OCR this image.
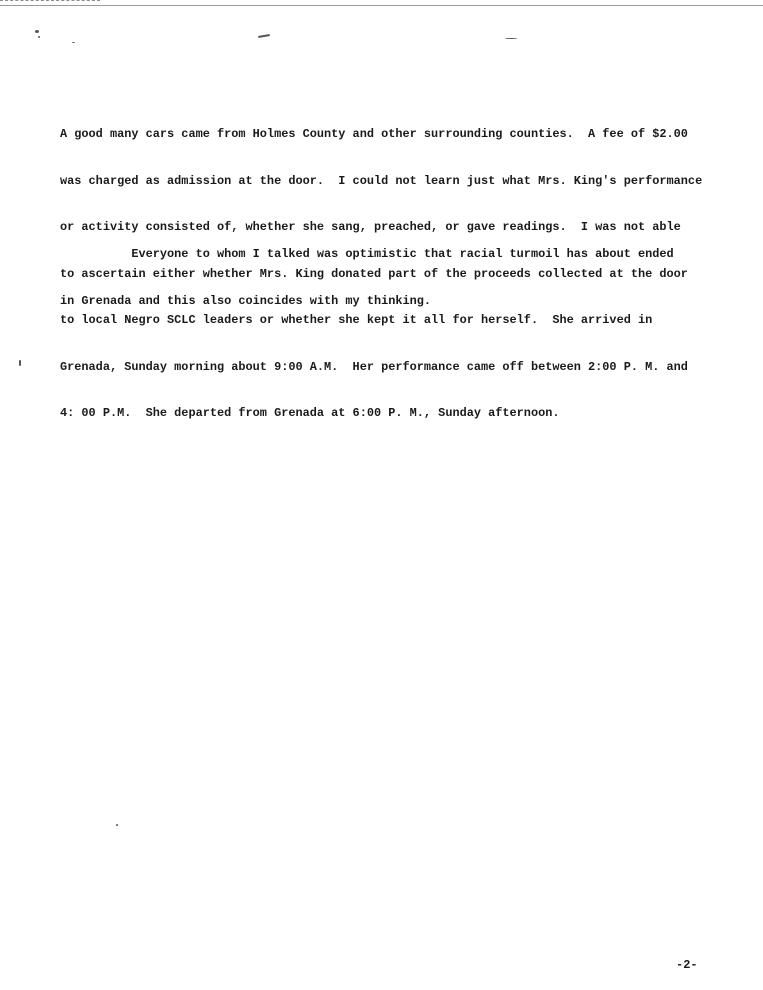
A good many cars came from Holmes County and other surrounding counties.  A fee of $2.00

was charged as admission at the door.  I could not learn just what Mrs. King's performance

or activity consisted of, whether she sang, preached, or gave readings.  I was not able

to ascertain either whether Mrs. King donated part of the proceeds collected at the door

to local Negro SCLC leaders or whether she kept it all for herself.  She arrived in

Grenada, Sunday morning about 9:00 A.M.  Her performance came off between 2:00 P. M. and

4: 00 P.M.  She departed from Grenada at 6:00 P. M., Sunday afternoon.

Everyone to whom I talked was optimistic that racial turmoil has about ended

in Grenada and this also coincides with my thinking.

-2-
